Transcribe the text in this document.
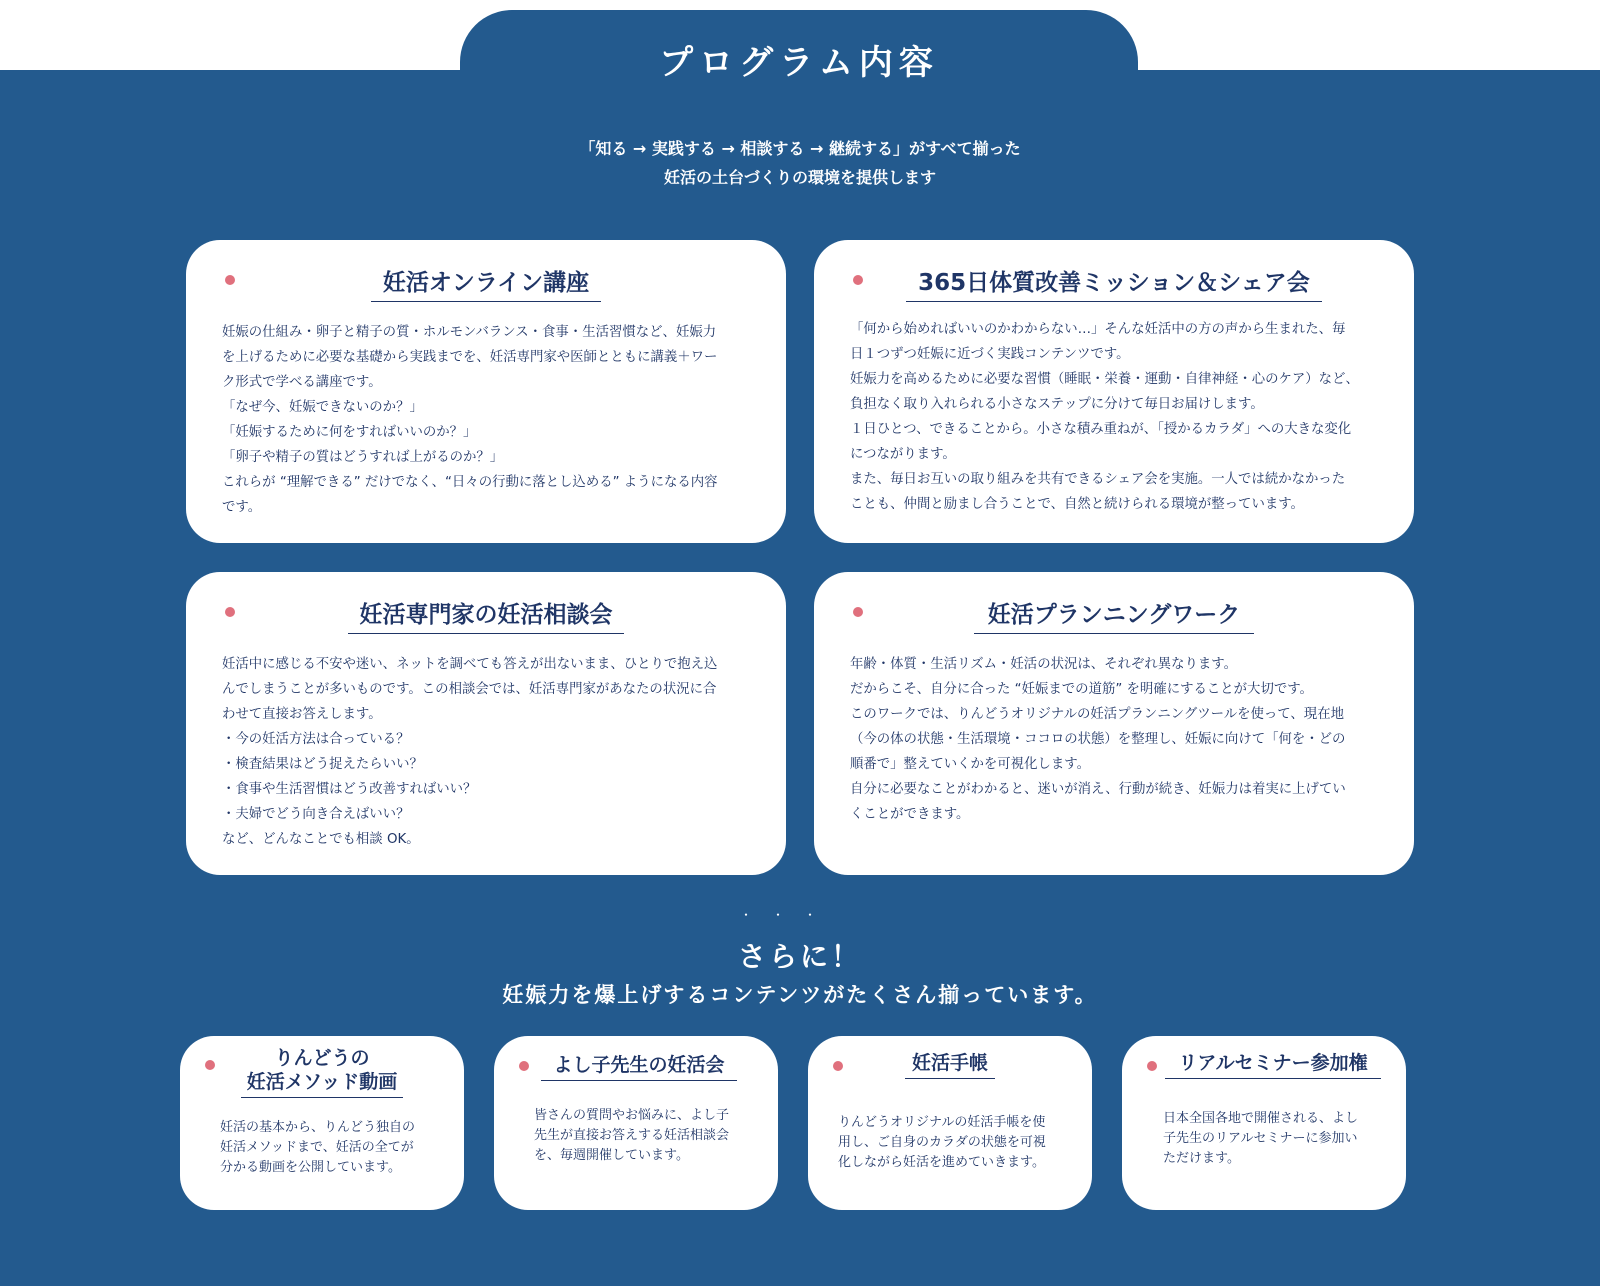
プログラム内容
「知る → 実践する → 相談する → 継続する」がすべて揃った
妊活の土台づくりの環境を提供します
妊活オンライン講座

妊娠の仕組み・卵子と精子の質・ホルモンバランス・食事・生活習慣など、妊娠力
を上げるために必要な基礎から実践までを、妊活専門家や医師とともに講義＋ワー
ク形式で学べる講座です。
「なぜ今、妊娠できないのか？」
「妊娠するために何をすればいいのか？」
「卵子や精子の質はどうすれば上がるのか？」
これらが “理解できる” だけでなく、“日々の行動に落とし込める” ようになる内容
です。

365日体質改善ミッション＆シェア会

「何から始めればいいのかわからない…」そんな妊活中の方の声から生まれた、毎
日１つずつ妊娠に近づく実践コンテンツです。
妊娠力を高めるために必要な習慣（睡眠・栄養・運動・自律神経・心のケア）など、
負担なく取り入れられる小さなステップに分けて毎日お届けします。
１日ひとつ、できることから。小さな積み重ねが、「授かるカラダ」への大きな変化
につながります。
また、毎日お互いの取り組みを共有できるシェア会を実施。一人では続かなかった
ことも、仲間と励まし合うことで、自然と続けられる環境が整っています。

妊活専門家の妊活相談会

妊活中に感じる不安や迷い、ネットを調べても答えが出ないまま、ひとりで抱え込
んでしまうことが多いものです。この相談会では、妊活専門家があなたの状況に合
わせて直接お答えします。
・今の妊活方法は合っている？
・検査結果はどう捉えたらいい？
・食事や生活習慣はどう改善すればいい？
・夫婦でどう向き合えばいい？
など、どんなことでも相談 OK。

妊活プランニングワーク

年齢・体質・生活リズム・妊活の状況は、それぞれ異なります。
だからこそ、自分に合った “妊娠までの道筋” を明確にすることが大切です。
このワークでは、りんどうオリジナルの妊活プランニングツールを使って、現在地
（今の体の状態・生活環境・ココロの状態）を整理し、妊娠に向けて「何を・どの
順番で」整えていくかを可視化します。
自分に必要なことがわかると、迷いが消え、行動が続き、妊娠力は着実に上げてい
くことができます。

・・・
さらに！
妊娠力を爆上げするコンテンツがたくさん揃っています。
りんどうの
妊活メソッド動画

妊活の基本から、りんどう独自の
妊活メソッドまで、妊活の全てが
分かる動画を公開しています。

よし子先生の妊活会

皆さんの質問やお悩みに、よし子
先生が直接お答えする妊活相談会
を、毎週開催しています。

妊活手帳

りんどうオリジナルの妊活手帳を使
用し、ご自身のカラダの状態を可視
化しながら妊活を進めていきます。

リアルセミナー参加権

日本全国各地で開催される、よし
子先生のリアルセミナーに参加い
ただけます。
